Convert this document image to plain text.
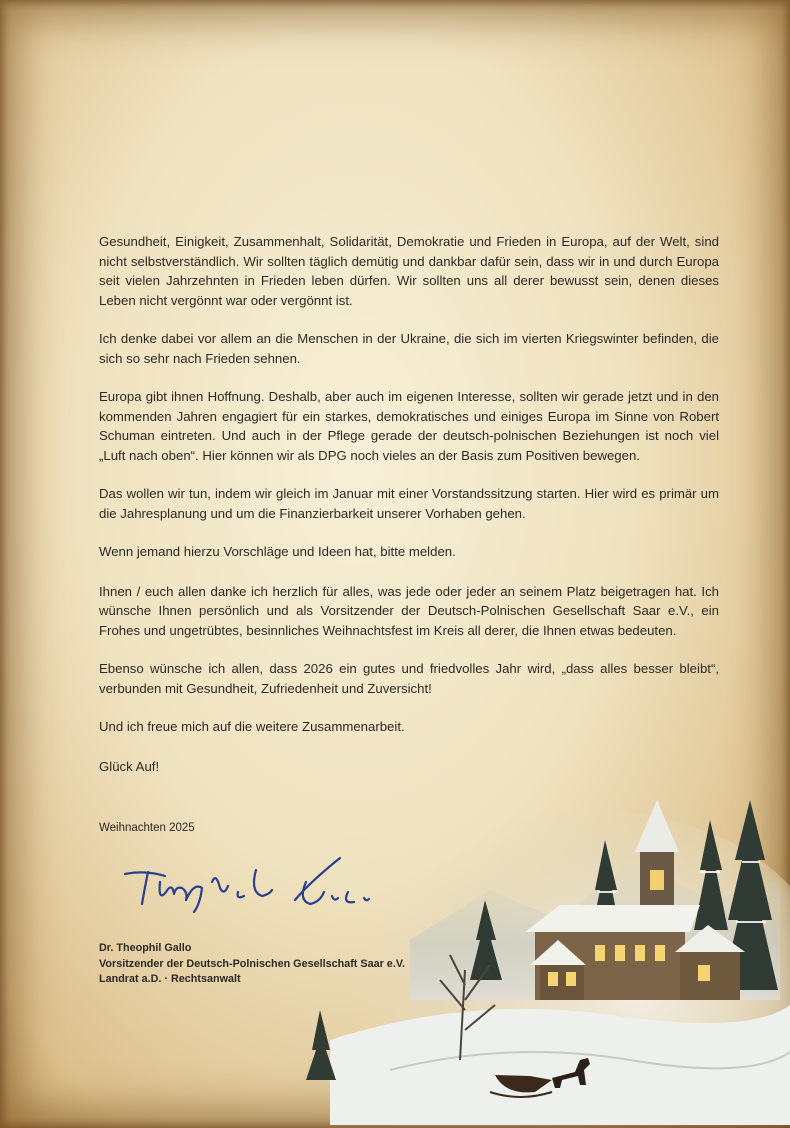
Gesundheit, Einigkeit, Zusammenhalt, Solidarität, Demokratie und Frieden in Europa, auf der Welt, sind nicht selbstverständlich. Wir sollten täglich demütig und dankbar dafür sein, dass wir in und durch Europa seit vielen Jahrzehnten in Frieden leben dürfen. Wir sollten uns all derer bewusst sein, denen dieses Leben nicht vergönnt war oder vergönnt ist.

Ich denke dabei vor allem an die Menschen in der Ukraine, die sich im vierten Kriegswinter befinden, die sich so sehr nach Frieden sehnen.

Europa gibt ihnen Hoffnung. Deshalb, aber auch im eigenen Interesse, sollten wir gerade jetzt und in den kommenden Jahren engagiert für ein starkes, demokratisches und einiges Europa im Sinne von Robert Schuman eintreten. Und auch in der Pflege gerade der deutsch-polnischen Beziehungen ist noch viel „Luft nach oben“. Hier können wir als DPG noch vieles an der Basis zum Positiven bewegen.

Das wollen wir tun, indem wir gleich im Januar mit einer Vorstandssitzung starten. Hier wird es primär um die Jahresplanung und um die Finanzierbarkeit unserer Vorhaben gehen.

Wenn jemand hierzu Vorschläge und Ideen hat, bitte melden.

Ihnen / euch allen danke ich herzlich für alles, was jede oder jeder an seinem Platz beigetragen hat. Ich wünsche Ihnen persönlich und als Vorsitzender der Deutsch-Polnischen Gesellschaft Saar e.V., ein Frohes und ungetrübtes, besinnliches Weihnachtsfest im Kreis all derer, die Ihnen etwas bedeuten.

Ebenso wünsche ich allen, dass 2026 ein gutes und friedvolles Jahr wird, „dass alles besser bleibt“, verbunden mit Gesundheit, Zufriedenheit und Zuversicht!

Und ich freue mich auf die weitere Zusammenarbeit.

Glück Auf!

Weihnachten 2025
Dr. Theophil Gallo
Vorsitzender der Deutsch-Polnischen Gesellschaft Saar e.V.
Landrat a.D. · Rechtsanwalt
